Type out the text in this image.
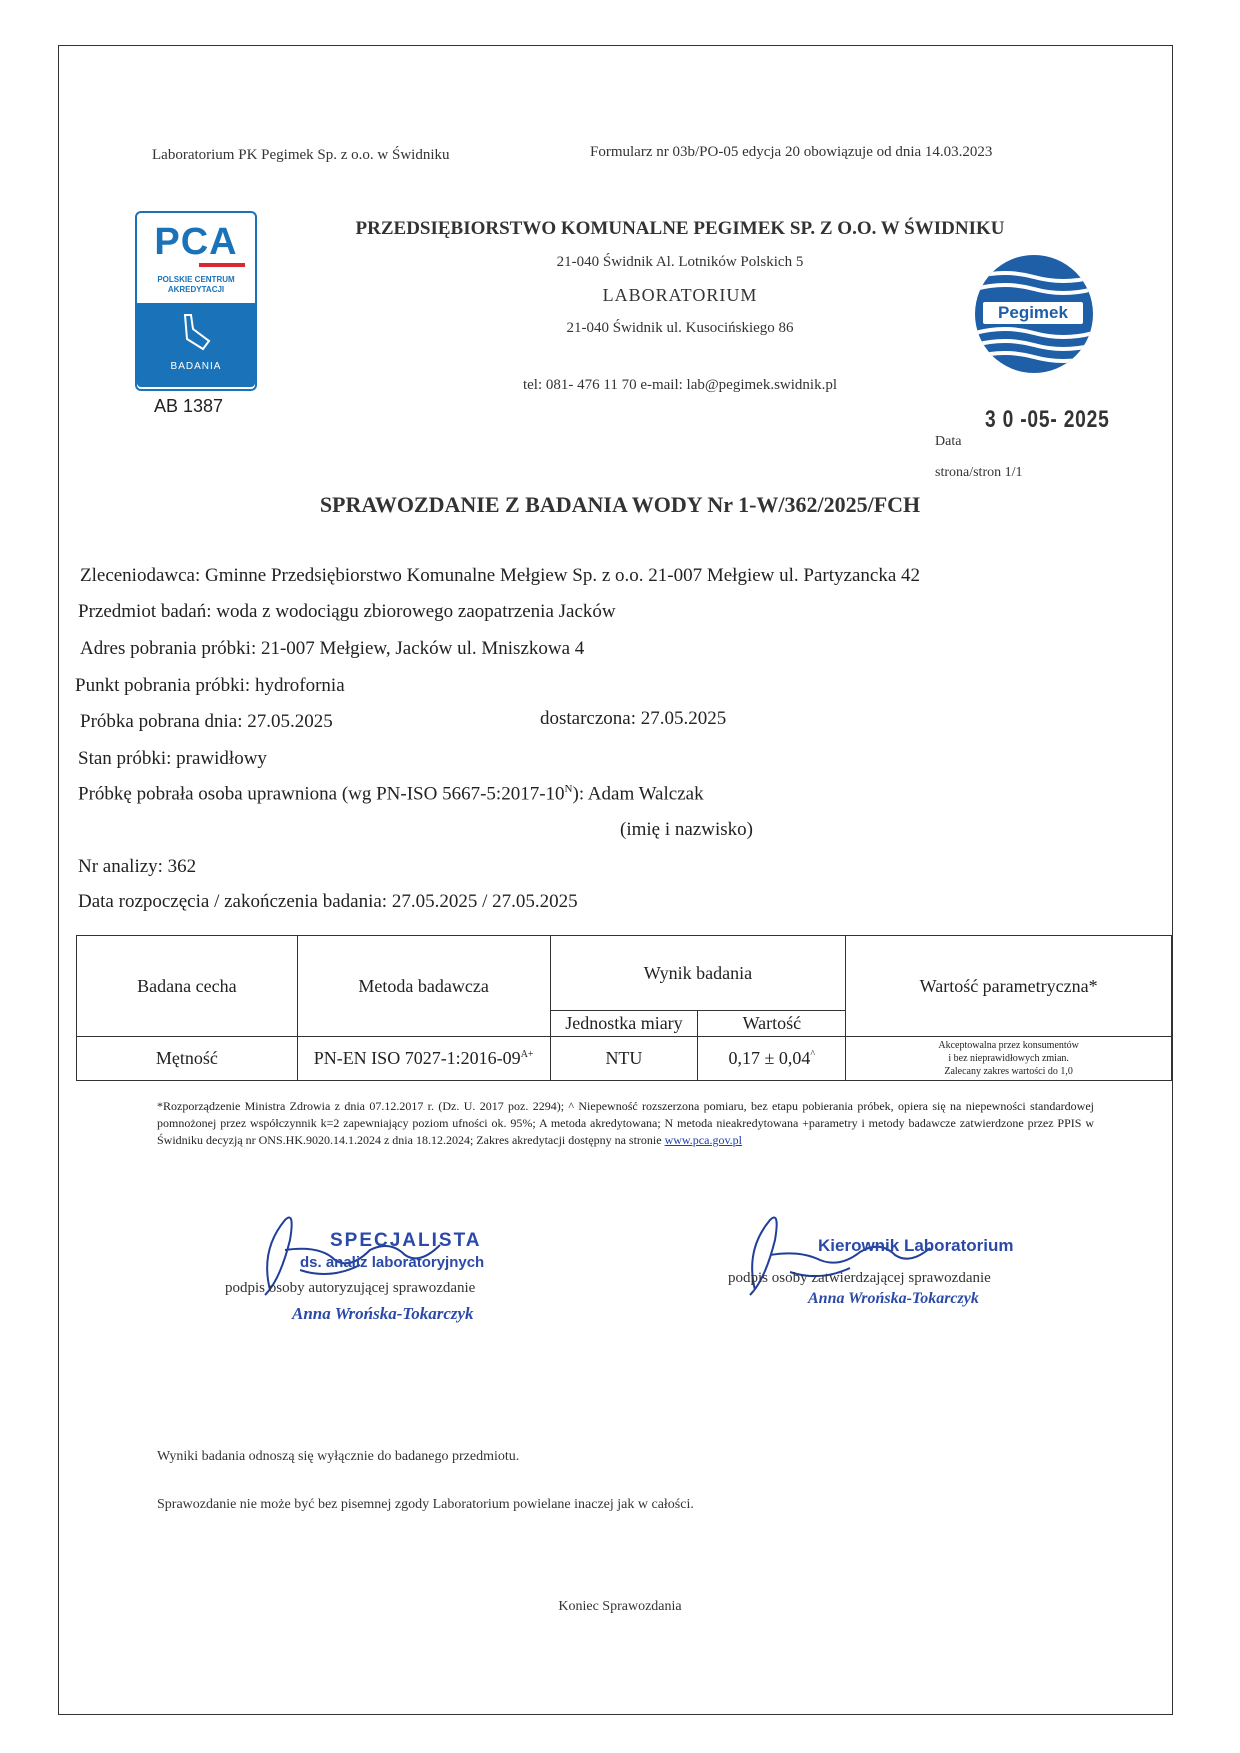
Laboratorium PK Pegimek Sp. z o.o. w Świdniku	Formularz nr 03b/PO-05 edycja 20 obowiązuje od dnia 14.03.2023
PCA
POLSKIE CENTRUM
AKREDYTACJI
BADANIA
AB 1387
PRZEDSIĘBIORSTWO KOMUNALNE PEGIMEK SP. Z O.O. W ŚWIDNIKU
21-040 Świdnik Al. Lotników Polskich 5
LABORATORIUM
21-040 Świdnik ul. Kusocińskiego 86
tel: 081- 476 11 70 e-mail: lab@pegimek.swidnik.pl
Pegimek
3 0 -05- 2025
Data
strona/stron 1/1
SPRAWOZDANIE Z BADANIA WODY Nr 1-W/362/2025/FCH
Zleceniodawca: Gminne Przedsiębiorstwo Komunalne Mełgiew Sp. z o.o. 21-007 Mełgiew ul. Partyzancka 42
Przedmiot badań: woda z wodociągu zbiorowego zaopatrzenia Jacków
Adres pobrania próbki: 21-007 Mełgiew, Jacków ul. Mniszkowa 4
Punkt pobrania próbki: hydrofornia
Próbka pobrana dnia: 27.05.2025	dostarczona: 27.05.2025
Stan próbki: prawidłowy
Próbkę pobrała osoba uprawniona (wg PN-ISO $5667-5:2017-10^N$): Adam Walczak
(imię i nazwisko)
Nr analizy: 362
Data rozpoczęcia / zakończenia badania: 27.05.2025 / 27.05.2025
Badana cecha	Metoda badawcza	Wynik badania		Wartość parametryczna*
		Jednostka miary	Wartość	
Mętność	PN-EN ISO $7027-1:2016-09^{A+}$	NTU	0,17 ± 0,04^	Akceptowalna przez konsumentów
i bez nieprawidłowych zmian.
Zalecany zakres wartości do 1,0
*Rozporządzenie Ministra Zdrowia z dnia 07.12.2017 r. (Dz. U. 2017 poz. 2294); ^ Niepewność rozszerzona pomiaru, bez etapu pobierania próbek, opiera się na niepewności standardowej pomnożonej przez współczynnik k=2 zapewniający poziom ufności ok. 95%; A metoda akredytowana; N metoda nieakredytowana +parametry i metody badawcze zatwierdzone przez PPIS w Świdniku decyzją nr ONS.HK.9020.14.1.2024 z dnia 18.12.2024; Zakres akredytacji dostępny na stronie www.pca.gov.pl
SPECJALISTA
ds. analiz laboratoryjnych
podpis osoby autoryzującej sprawozdanie
Anna Wrońska-Tokarczyk
Kierownik Laboratorium
podpis osoby zatwierdzającej sprawozdanie
Anna Wrońska-Tokarczyk
Wyniki badania odnoszą się wyłącznie do badanego przedmiotu.
Sprawozdanie nie może być bez pisemnej zgody Laboratorium powielane inaczej jak w całości.
Koniec Sprawozdania
